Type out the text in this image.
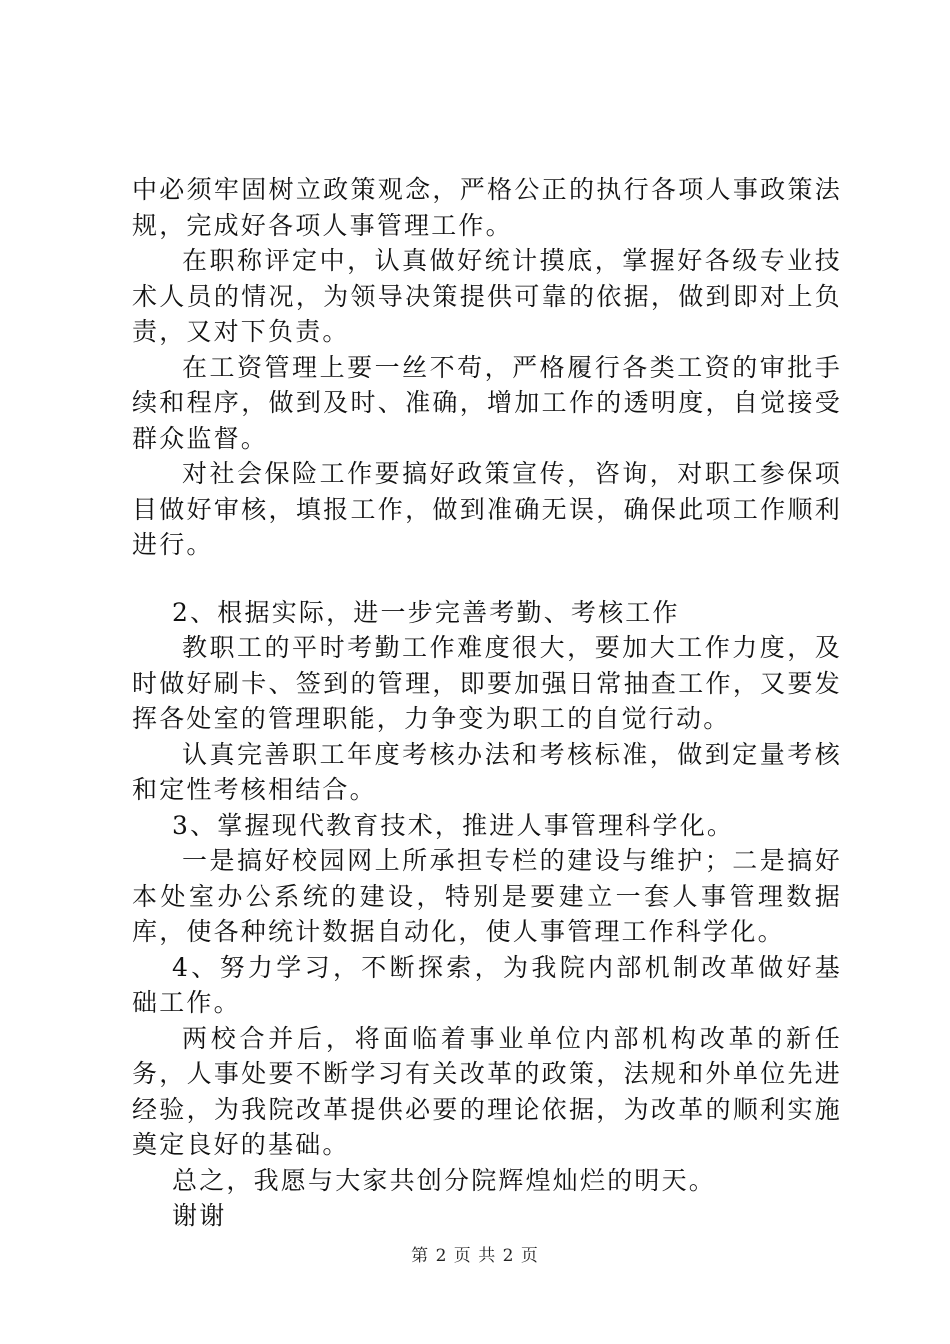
中必须牢固树立政策观念，严格公正的执行各项人事政策法规，完成好各项人事管理工作。

在职称评定中，认真做好统计摸底，掌握好各级专业技术人员的情况，为领导决策提供可靠的依据，做到即对上负责，又对下负责。

在工资管理上要一丝不苟，严格履行各类工资的审批手续和程序，做到及时、准确，增加工作的透明度，自觉接受群众监督。

对社会保险工作要搞好政策宣传，咨询，对职工参保项目做好审核，填报工作，做到准确无误，确保此项工作顺利进行。

2、根据实际，进一步完善考勤、考核工作

教职工的平时考勤工作难度很大，要加大工作力度，及时做好刷卡、签到的管理，即要加强日常抽查工作，又要发挥各处室的管理职能，力争变为职工的自觉行动。

认真完善职工年度考核办法和考核标准，做到定量考核和定性考核相结合。

3、掌握现代教育技术，推进人事管理科学化。

一是搞好校园网上所承担专栏的建设与维护；二是搞好本处室办公系统的建设，特别是要建立一套人事管理数据库，使各种统计数据自动化，使人事管理工作科学化。

4、努力学习，不断探索，为我院内部机制改革做好基础工作。

两校合并后，将面临着事业单位内部机构改革的新任务，人事处要不断学习有关改革的政策，法规和外单位先进经验，为我院改革提供必要的理论依据，为改革的顺利实施奠定良好的基础。

总之，我愿与大家共创分院辉煌灿烂的明天。

谢谢

第 2 页 共 2 页
